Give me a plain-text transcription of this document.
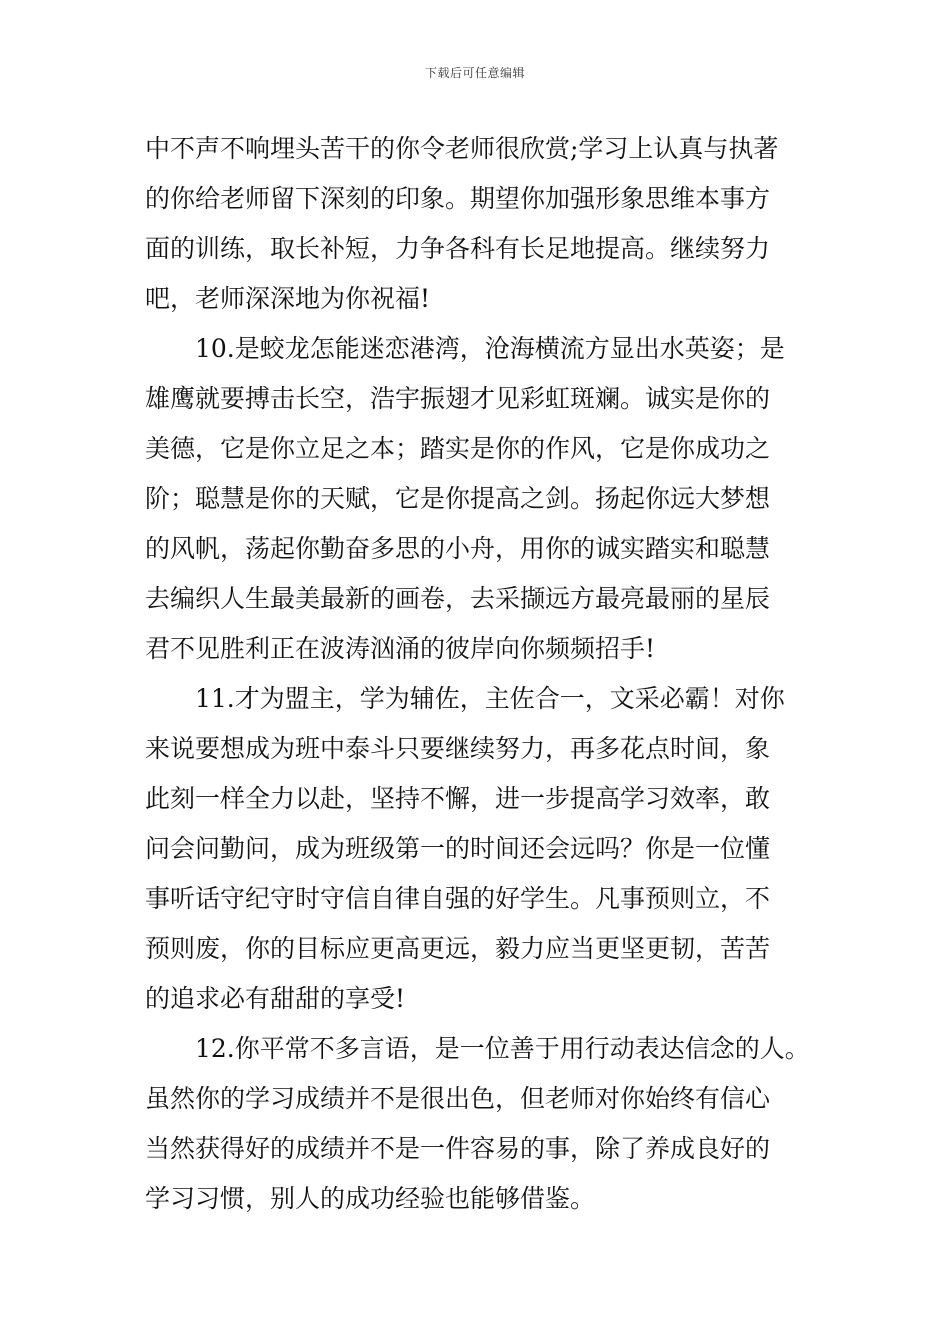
下载后可任意编辑
中不声不响埋头苦干的你令老师很欣赏;学习上认真与执著
的你给老师留下深刻的印象。期望你加强形象思维本事方
面的训练，取长补短，力争各科有长足地提高。继续努力
吧，老师深深地为你祝福!
10.是蛟龙怎能迷恋港湾，沧海横流方显出水英姿；是
雄鹰就要搏击长空，浩宇振翅才见彩虹斑斓。诚实是你的
美德，它是你立足之本；踏实是你的作风，它是你成功之
阶；聪慧是你的天赋，它是你提高之剑。扬起你远大梦想
的风帆，荡起你勤奋多思的小舟，用你的诚实踏实和聪慧
去编织人生最美最新的画卷，去采撷远方最亮最丽的星辰
君不见胜利正在波涛汹涌的彼岸向你频频招手!
11.才为盟主，学为辅佐，主佐合一，文采必霸！对你
来说要想成为班中泰斗只要继续努力，再多花点时间，象
此刻一样全力以赴，坚持不懈，进一步提高学习效率，敢
问会问勤问，成为班级第一的时间还会远吗？你是一位懂
事听话守纪守时守信自律自强的好学生。凡事预则立，不
预则废，你的目标应更高更远，毅力应当更坚更韧，苦苦
的追求必有甜甜的享受!
12.你平常不多言语，是一位善于用行动表达信念的人。
虽然你的学习成绩并不是很出色，但老师对你始终有信心
当然获得好的成绩并不是一件容易的事，除了养成良好的
学习习惯，别人的成功经验也能够借鉴。
